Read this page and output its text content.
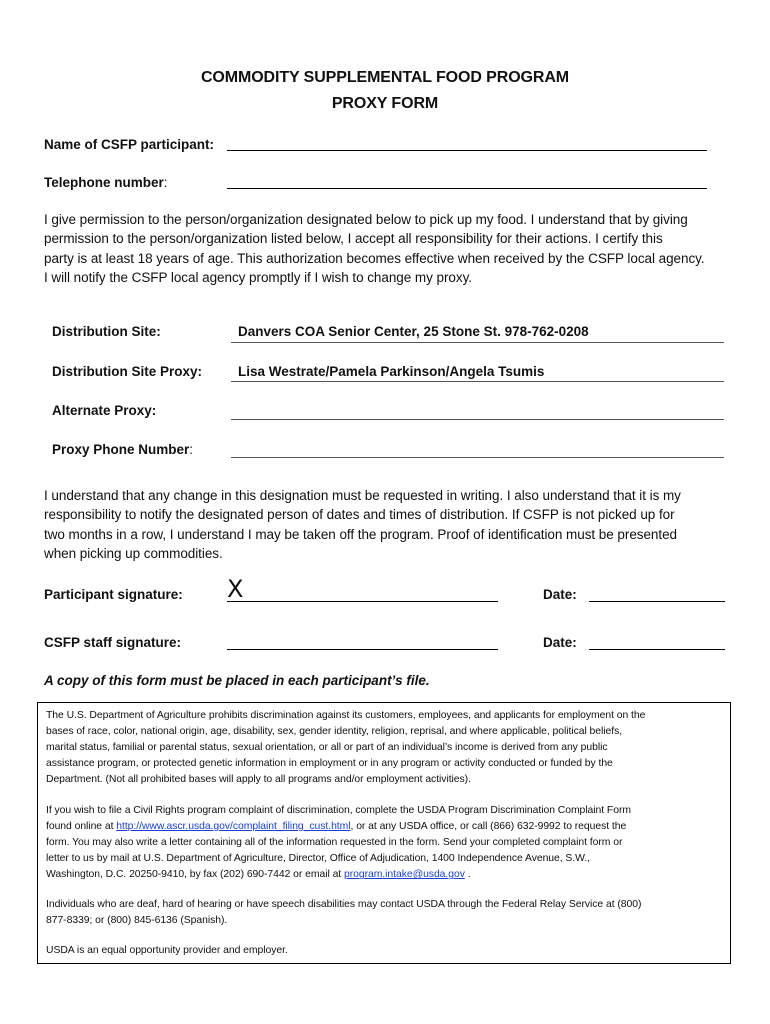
COMMODITY SUPPLEMENTAL FOOD PROGRAM
PROXY FORM
Name of CSFP participant:
Telephone number:
I give permission to the person/organization designated below to pick up my food. I understand that by giving
permission to the person/organization listed below, I accept all responsibility for their actions. I certify this
party is at least 18 years of age. This authorization becomes effective when received by the CSFP local agency.
I will notify the CSFP local agency promptly if I wish to change my proxy.
Distribution Site:	Danvers COA Senior Center, 25 Stone St. 978-762-0208
Distribution Site Proxy:	Lisa Westrate/Pamela Parkinson/Angela Tsumis
Alternate Proxy:
Proxy Phone Number:
I understand that any change in this designation must be requested in writing. I also understand that it is my
responsibility to notify the designated person of dates and times of distribution. If CSFP is not picked up for
two months in a row, I understand I may be taken off the program. Proof of identification must be presented
when picking up commodities.
Participant signature: X	Date:
CSFP staff signature:	Date:
A copy of this form must be placed in each participant’s file.
The U.S. Department of Agriculture prohibits discrimination against its customers, employees, and applicants for employment on the
bases of race, color, national origin, age, disability, sex, gender identity, religion, reprisal, and where applicable, political beliefs,
marital status, familial or parental status, sexual orientation, or all or part of an individual’s income is derived from any public
assistance program, or protected genetic information in employment or in any program or activity conducted or funded by the
Department. (Not all prohibited bases will apply to all programs and/or employment activities).
If you wish to file a Civil Rights program complaint of discrimination, complete the USDA Program Discrimination Complaint Form
found online at http://www.ascr.usda.gov/complaint_filing_cust.html, or at any USDA office, or call (866) 632-9992 to request the
form. You may also write a letter containing all of the information requested in the form. Send your completed complaint form or
letter to us by mail at U.S. Department of Agriculture, Director, Office of Adjudication, 1400 Independence Avenue, S.W.,
Washington, D.C. 20250-9410, by fax (202) 690-7442 or email at program.intake@usda.gov .
Individuals who are deaf, hard of hearing or have speech disabilities may contact USDA through the Federal Relay Service at (800)
877-8339; or (800) 845-6136 (Spanish).
USDA is an equal opportunity provider and employer.
